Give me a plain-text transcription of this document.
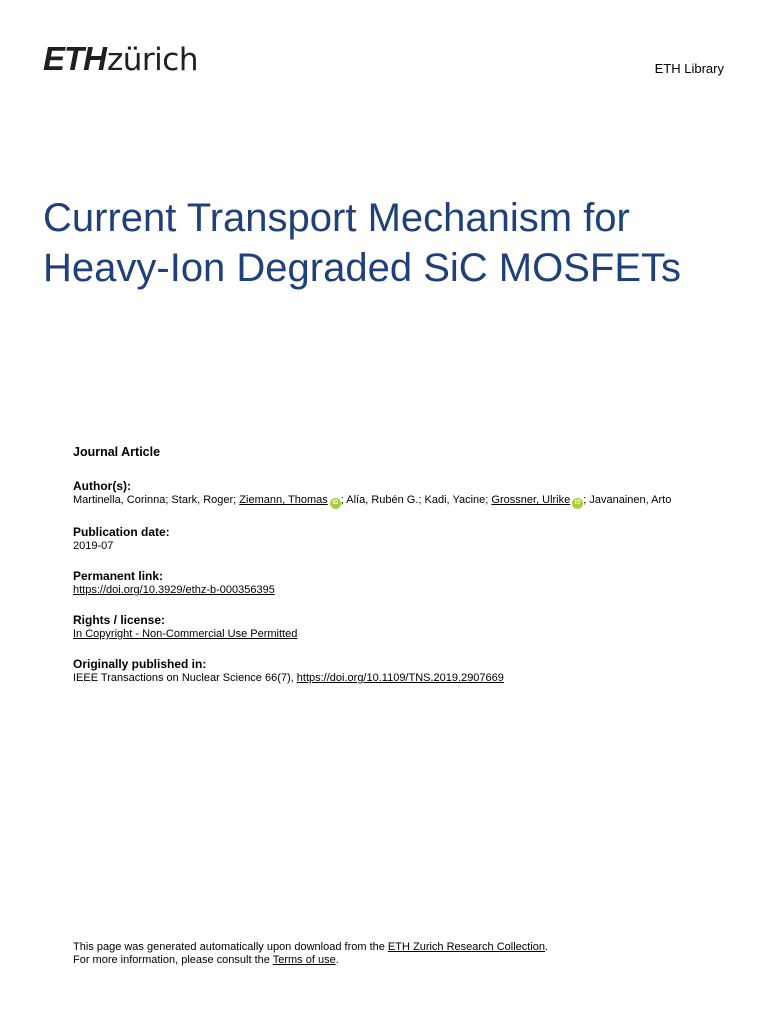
ETH zürich	ETH Library
Current Transport Mechanism for Heavy-Ion Degraded SiC MOSFETs
Journal Article
Author(s):
Martinella, Corinna; Stark, Roger; Ziemann, Thomas iD ; Alía, Rubén G.; Kadi, Yacine; Grossner, Ulrike iD ; Javanainen, Arto
Publication date:
2019-07
Permanent link:
https://doi.org/10.3929/ethz-b-000356395
Rights / license:
In Copyright - Non-Commercial Use Permitted
Originally published in:
IEEE Transactions on Nuclear Science 66(7), https://doi.org/10.1109/TNS.2019.2907669
This page was generated automatically upon download from the ETH Zurich Research Collection.
For more information, please consult the Terms of use.
